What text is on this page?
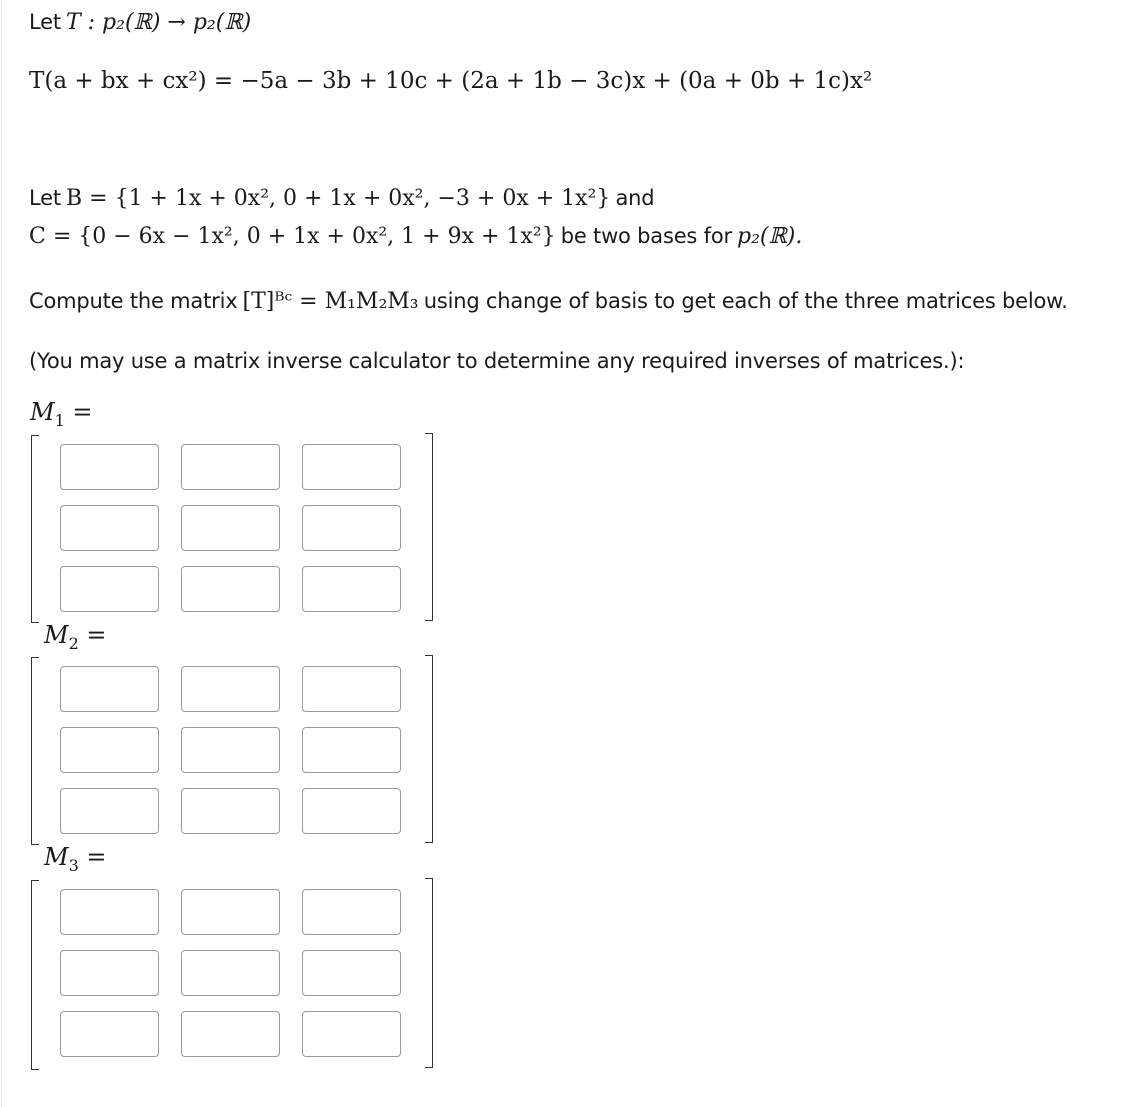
Let T : p₂(ℝ) → p₂(ℝ)
T(a + bx + cx²) = −5a − 3b + 10c + (2a + 1b − 3c)x + (0a + 0b + 1c)x²
Let B = {1 + 1x + 0x², 0 + 1x + 0x², −3 + 0x + 1x²} and
C = {0 − 6x − 1x², 0 + 1x + 0x², 1 + 9x + 1x²} be two bases for p₂(ℝ).
Compute the matrix [T]ᴮᶜ = M₁M₂M₃ using change of basis to get each of the three matrices below.
(You may use a matrix inverse calculator to determine any required inverses of matrices.):
$M_1$ =
$M_2$ =
$M_3$ =
